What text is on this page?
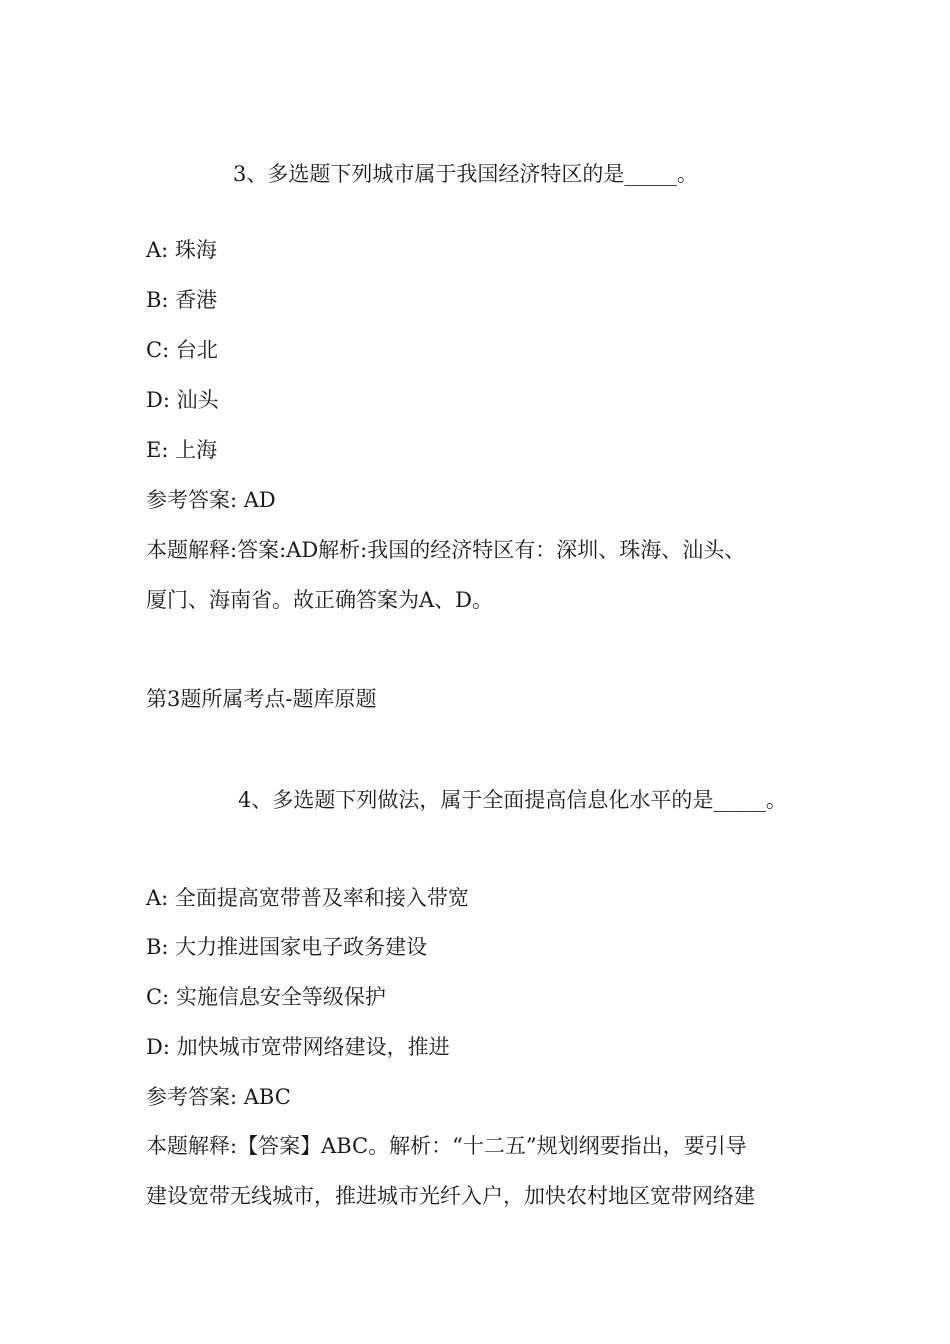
3、多选题下列城市属于我国经济特区的是_____。
A: 珠海
B: 香港
C: 台北
D: 汕头
E: 上海
参考答案: AD
本题解释:答案:AD解析:我国的经济特区有：深圳、珠海、汕头、
厦门、海南省。故正确答案为A、D。
第3题所属考点-题库原题
4、多选题下列做法，属于全面提高信息化水平的是_____。
A: 全面提高宽带普及率和接入带宽
B: 大力推进国家电子政务建设
C: 实施信息安全等级保护
D: 加快城市宽带网络建设，推进
参考答案: ABC
本题解释:【答案】ABC。解析：“十二五”规划纲要指出，要引导
建设宽带无线城市，推进城市光纤入户，加快农村地区宽带网络建
